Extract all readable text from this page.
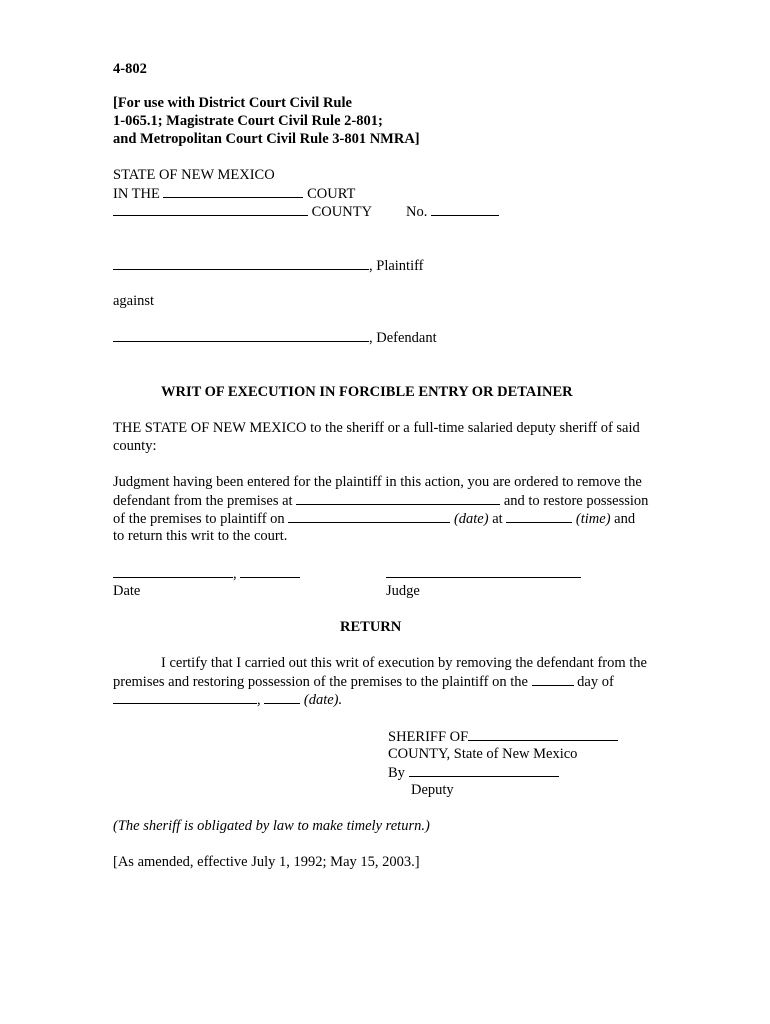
4-802
[For use with District Court Civil Rule
1-065.1; Magistrate Court Civil Rule 2-801;
and Metropolitan Court Civil Rule 3-801 NMRA]
STATE OF NEW MEXICO
IN THE	COURT
COUNTY No.
, Plaintiff
against
, Defendant
WRIT OF EXECUTION IN FORCIBLE ENTRY OR DETAINER
THE STATE OF NEW MEXICO to the sheriff or a full-time salaried deputy sheriff of said
county:
Judgment having been entered for the plaintiff in this action, you are ordered to remove the
defendant from the premises at	and to restore possession
of the premises to plaintiff on	(date) at	(time) and
to return this writ to the court.
,
Date	Judge
RETURN
I certify that I carried out this writ of execution by removing the defendant from the
premises and restoring possession of the premises to the plaintiff on the	day of
,	(date).
SHERIFF OF
COUNTY, State of New Mexico
By
Deputy
(The sheriff is obligated by law to make timely return.)
[As amended, effective July 1, 1992; May 15, 2003.]
